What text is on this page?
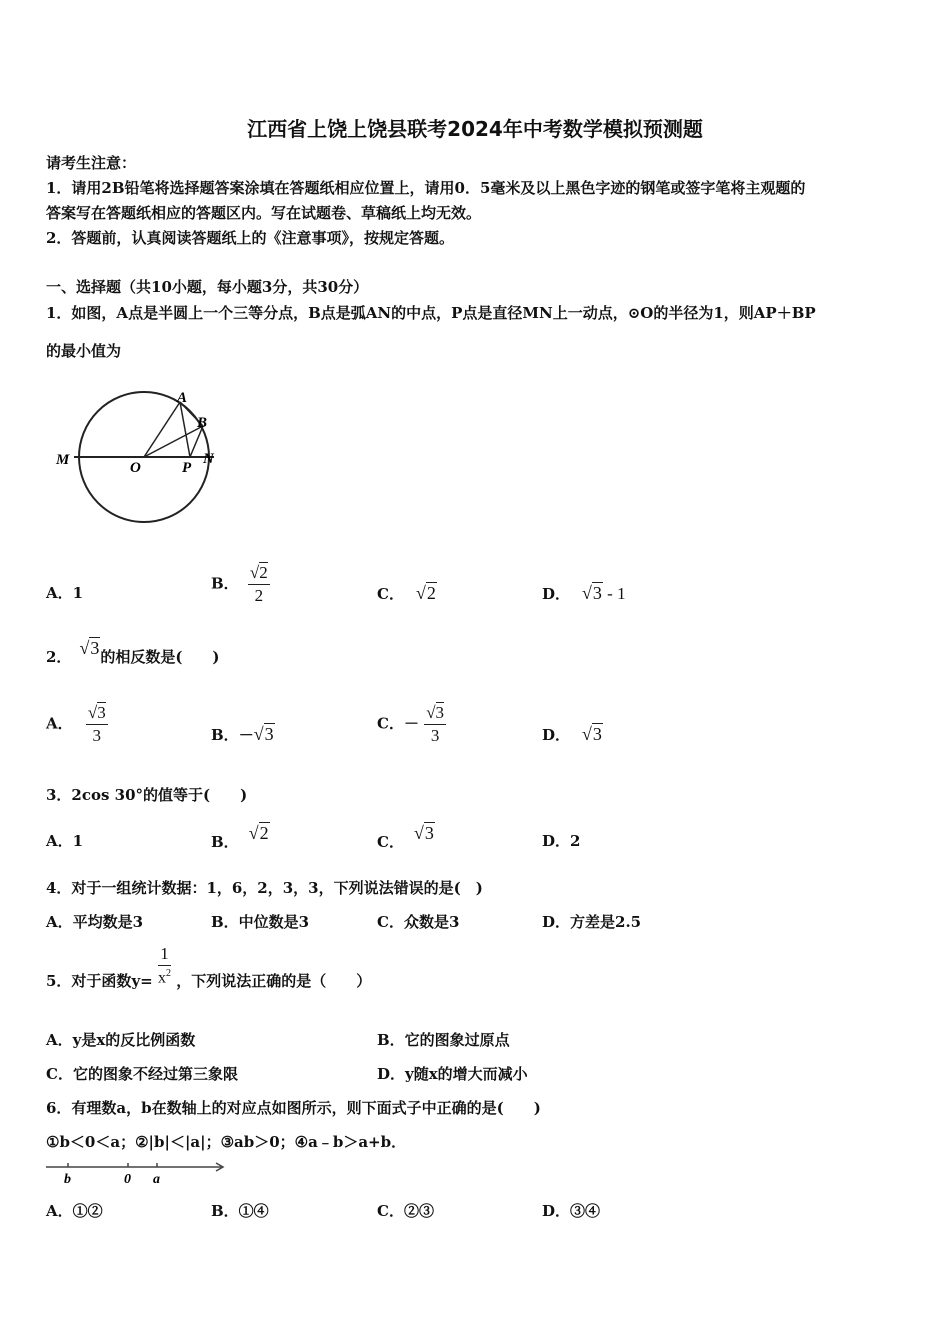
江西省上饶上饶县联考2024年中考数学模拟预测题
请考生注意：
1．请用2B铅笔将选择题答案涂填在答题纸相应位置上，请用0．5毫米及以上黑色字迹的钢笔或签字笔将主观题的
答案写在答题纸相应的答题区内。写在试题卷、草稿纸上均无效。
2．答题前，认真阅读答题纸上的《注意事项》，按规定答题。
一、选择题（共10小题，每小题3分，共30分）
1．如图，A点是半圆上一个三等分点，B点是弧AN的中点，P点是直径MN上一动点，⊙O的半径为1，则AP＋BP
的最小值为
A
B
M	O	P
N
A．1
B． $\frac{√2}{2}$	C． √2	D． √3 - 1
2． √3的相反数是(　　)
A． $\frac{√3}{3}$	B．－√3
C．－ $\frac{√3}{3}$	D． √3
3．2cos 30°的值等于(　　)
A．1	B． √2	C． √3	D．2
4．对于一组统计数据：1，6，2，3，3，下列说法错误的是(　)
A．平均数是3	B．中位数是3	C．众数是3	D．方差是2.5
5．对于函数$y= \frac{1}{x^2}$ ，下列说法正确的是（　　）
A．y是x的反比例函数	B．它的图象过原点
C．它的图象不经过第三象限	D．y随x的增大而减小
6．有理数a，b在数轴上的对应点如图所示，则下面式子中正确的是(　　)
①b＜0＜a；②|b|＜|a|；③ab＞0；④a﹣b＞a+b．
b	0 a
A．①②	B．①④	C．②③	D．③④
